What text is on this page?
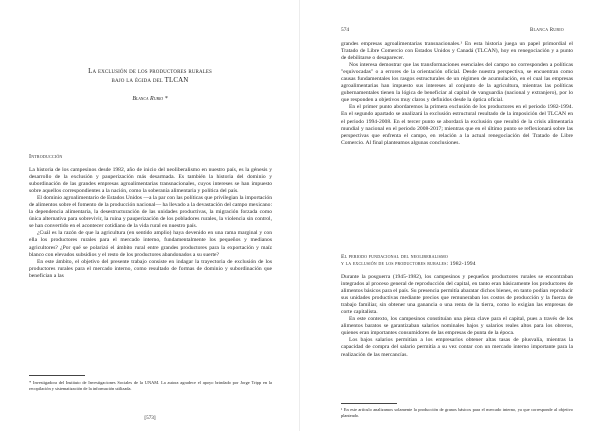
La exclusión de los productores rurales
bajo la égida del TLCAN
Blanca Rubio *
Introducción

La historia de los campesinos desde 1982, año de inicio del neoliberalismo en nuestro país, es la génesis y desarrollo de la exclusión y pauperización más desarmada. Es también la historia del dominio y subordinación de las grandes empresas agroalimentarias transnacionales, cuyos intereses se han impuesto sobre aquellos correspondientes a la nación, como la soberanía alimentaria y política del país.

El dominio agroalimentario de Estados Unidos —a la par con las políticas que privilegian la importación de alimentos sobre el fomento de la producción nacional— ha llevado a la devastación del campo mexicano: la dependencia alimentaria, la desestructuración de las unidades productivas, la migración forzada como única alternativa para sobrevivir, la ruina y pauperización de los pobladores rurales, la violencia sin control, se han convertido en el acontecer cotidiano de la vida rural en nuestro país.

¿Cuál es la razón de que la agricultura (en sentido amplio) haya devenido en una rama marginal y con ella los productores rurales para el mercado interno, fundamentalmente los pequeños y medianos agricultores? ¿Por qué se polarizó el ámbito rural entre grandes productores para la exportación y maíz blanco con elevados subsidios y el resto de los productores abandonados a su suerte?

En este ámbito, el objetivo del presente trabajo consiste en indagar la trayectoria de exclusión de los productores rurales para el mercado interno, como resultado de formas de dominio y subordinación que benefician a las

* Investigadora del Instituto de Investigaciones Sociales de la UNAM. La autora agradece el apoyo brindado por Jorge Tripp en la recopilación y sistematización de la información utilizada.
[573]
574	Blanca Rubio

grandes empresas agroalimentarias transnacionales.¹ En esta historia juega un papel primordial el Tratado de Libre Comercio con Estados Unidos y Canadá (TLCAN), hoy en renegociación y a punto de debilitarse o desaparecer.

Nos interesa demostrar que las transformaciones esenciales del campo no corresponden a políticas "equivocadas" o a errores de la orientación oficial. Desde nuestra perspectiva, se encuentran como causas fundamentales los rasgos estructurales de un régimen de acumulación, en el cual las empresas agroalimentarias han impuesto sus intereses al conjunto de la agricultura, mientras las políticas gubernamentales tienen la lógica de beneficiar al capital de vanguardia (nacional y extranjero), por lo que responden a objetivos muy claros y definidos desde la óptica oficial.

En el primer punto abordaremos la primera exclusión de los productores en el periodo 1982-1994. En el segundo apartado se analizará la exclusión estructural resultado de la imposición del TLCAN en el periodo 1994-2008. En el tercer punto se abordará la exclusión que resultó de la crisis alimentaria mundial y nacional en el periodo 2008-2017; mientras que en el último punto se reflexionará sobre las perspectivas que enfrenta el campo, en relación a la actual renegociación del Tratado de Libre Comercio. Al final planteamos algunas conclusiones.

El periodo fundacional del neoliberalismo
y la exclusión de los productores rurales: 1982-1994

Durante la posguerra (1945-1982), los campesinos y pequeños productores rurales se encontraban integrados al proceso general de reproducción del capital, en tanto eran básicamente los productores de alimentos básicos para el país. Su presencia permitía abaratar dichos bienes, en tanto podían reproducir sus unidades productivas mediante precios que remuneraban los costos de producción y la fuerza de trabajo familiar, sin obtener una ganancia o una renta de la tierra, como lo exigían las empresas de corte capitalista.

En este contexto, los campesinos constituían una pieza clave para el capital, pues a través de los alimentos baratos se garantizaban salarios nominales bajos y salarios reales altos para los obreros, quienes eran importantes consumidores de las empresas de punta de la época.

Los bajos salarios permitían a los empresarios obtener altas tasas de plusvalía, mientras la capacidad de compra del salario permitía a su vez contar con un mercado interno importante para la realización de las mercancías.

¹ En este artículo analizamos solamente la producción de granos básicos para el mercado interno, ya que corresponde al objetivo planteado.
